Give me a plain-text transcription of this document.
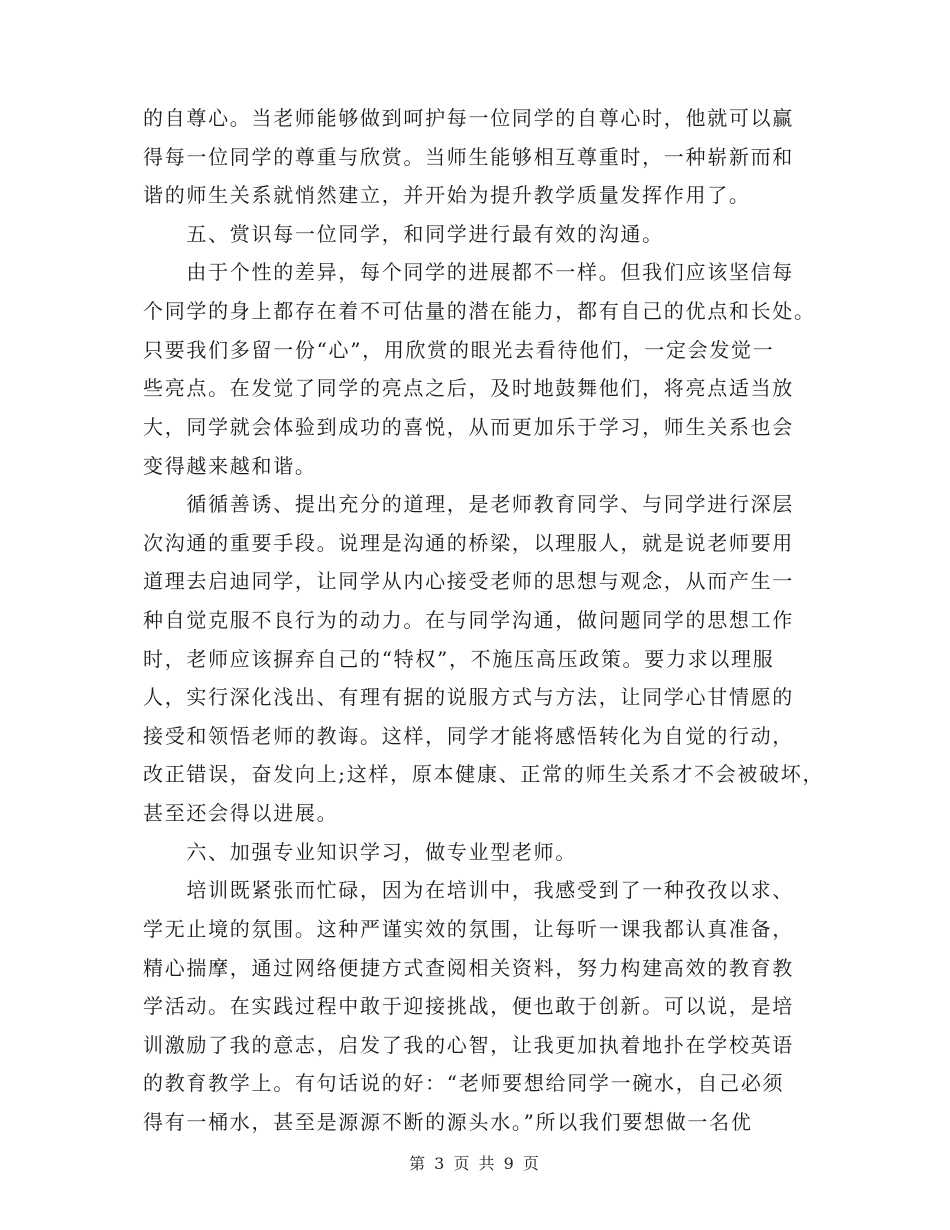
的自尊心。当老师能够做到呵护每一位同学的自尊心时，他就可以赢
得每一位同学的尊重与欣赏。当师生能够相互尊重时，一种崭新而和
谐的师生关系就悄然建立，并开始为提升教学质量发挥作用了。
　　五、赏识每一位同学，和同学进行最有效的沟通。
　　由于个性的差异，每个同学的进展都不一样。但我们应该坚信每
个同学的身上都存在着不可估量的潜在能力，都有自己的优点和长处。
只要我们多留一份“心”，用欣赏的眼光去看待他们，一定会发觉一
些亮点。在发觉了同学的亮点之后，及时地鼓舞他们，将亮点适当放
大，同学就会体验到成功的喜悦，从而更加乐于学习，师生关系也会
变得越来越和谐。
　　循循善诱、提出充分的道理，是老师教育同学、与同学进行深层
次沟通的重要手段。说理是沟通的桥梁，以理服人，就是说老师要用
道理去启迪同学，让同学从内心接受老师的思想与观念，从而产生一
种自觉克服不良行为的动力。在与同学沟通，做问题同学的思想工作
时，老师应该摒弃自己的“特权”，不施压高压政策。要力求以理服
人，实行深化浅出、有理有据的说服方式与方法，让同学心甘情愿的
接受和领悟老师的教诲。这样，同学才能将感悟转化为自觉的行动，
改正错误，奋发向上;这样，原本健康、正常的师生关系才不会被破坏，
甚至还会得以进展。
　　六、加强专业知识学习，做专业型老师。
　　培训既紧张而忙碌，因为在培训中，我感受到了一种孜孜以求、
学无止境的氛围。这种严谨实效的氛围，让每听一课我都认真准备，
精心揣摩，通过网络便捷方式查阅相关资料，努力构建高效的教育教
学活动。在实践过程中敢于迎接挑战，便也敢于创新。可以说，是培
训激励了我的意志，启发了我的心智，让我更加执着地扑在学校英语
的教育教学上。有句话说的好：“老师要想给同学一碗水，自己必须
得有一桶水，甚至是源源不断的源头水。”所以我们要想做一名优
第 3 页 共 9 页
